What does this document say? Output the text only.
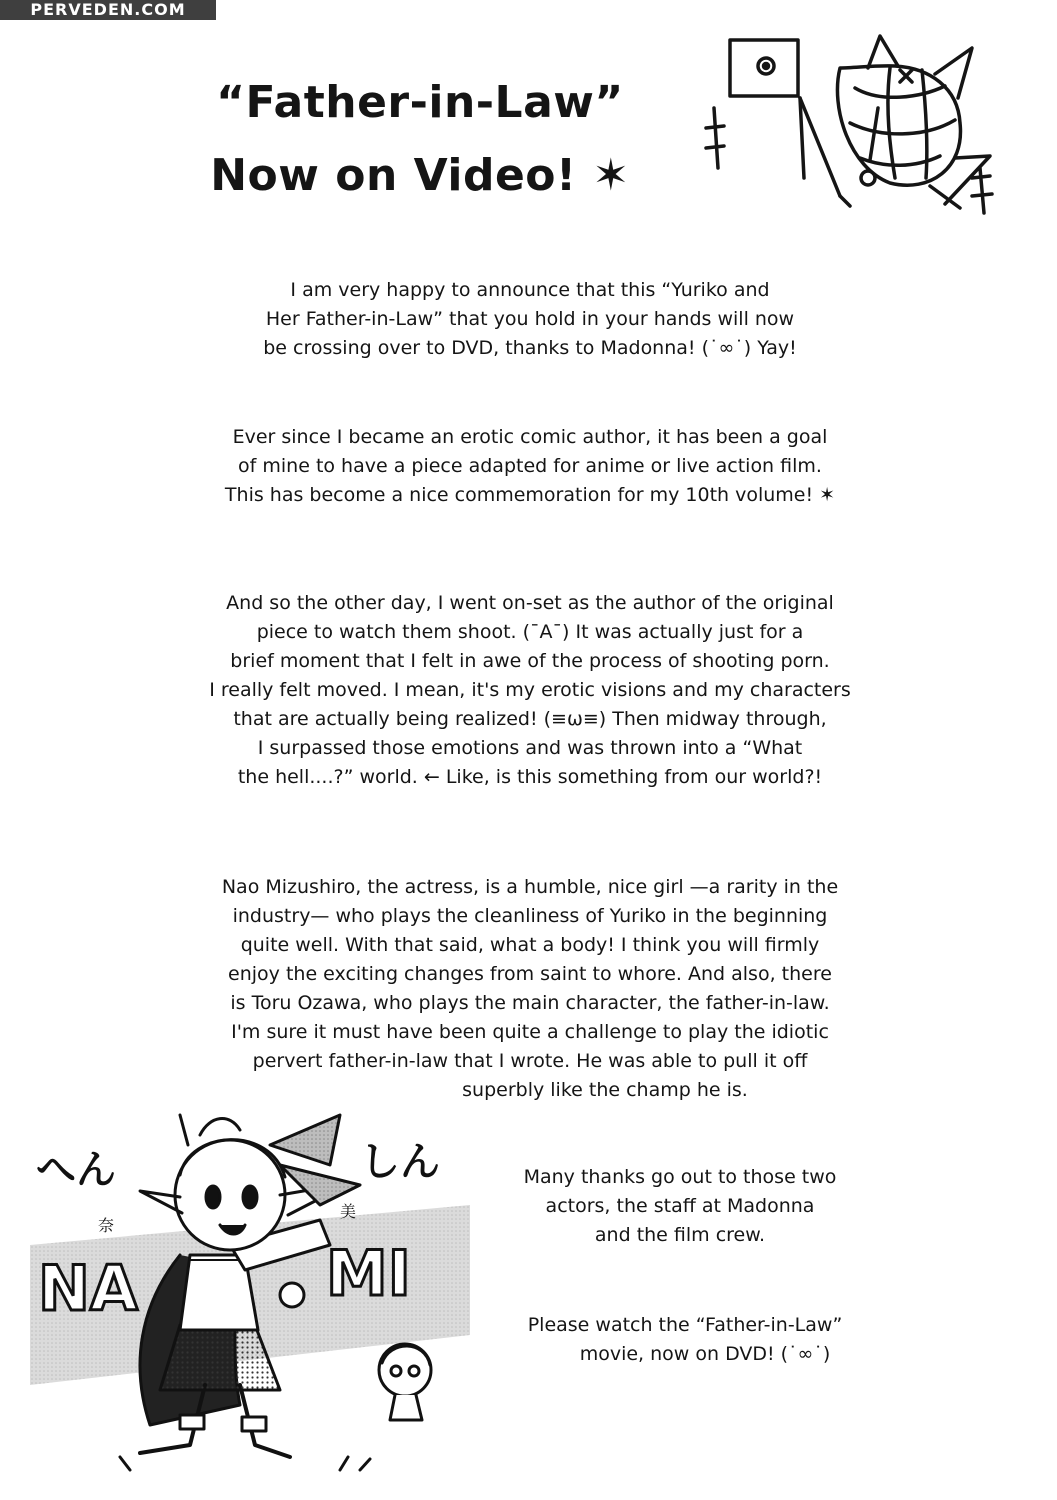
PERVEDEN.COM
“Father-in-Law”
Now on Video! ✶
I am very happy to announce that this “Yuriko and
Her Father-in-Law” that you hold in your hands will now
be crossing over to DVD, thanks to Madonna! (˙∞˙) Yay!
Ever since I became an erotic comic author, it has been a goal
of mine to have a piece adapted for anime or live action film.
This has become a nice commemoration for my 10th volume! ✶
And so the other day, I went on-set as the author of the original
piece to watch them shoot. (¯А¯) It was actually just for a
brief moment that I felt in awe of the process of shooting porn.
I really felt moved. I mean, it's my erotic visions and my characters
that are actually being realized! (≡ω≡) Then midway through,
I surpassed those emotions and was thrown into a “What
the hell....?” world. ← Like, is this something from our world?!
Nao Mizushiro, the actress, is a humble, nice girl —a rarity in the
industry— who plays the cleanliness of Yuriko in the beginning
quite well. With that said, what a body! I think you will firmly
enjoy the exciting changes from saint to whore. And also, there
is Toru Ozawa, who plays the main character, the father-in-law.
I'm sure it must have been quite a challenge to play the idiotic
pervert father-in-law that I wrote. He was able to pull it off
superbly like the champ he is.
Many thanks go out to those two
actors, the staff at Madonna
and the film crew.
Please watch the “Father-in-Law”
movie, now on DVD! (˙∞˙)
へん	しん
奈
美
NA	MI
